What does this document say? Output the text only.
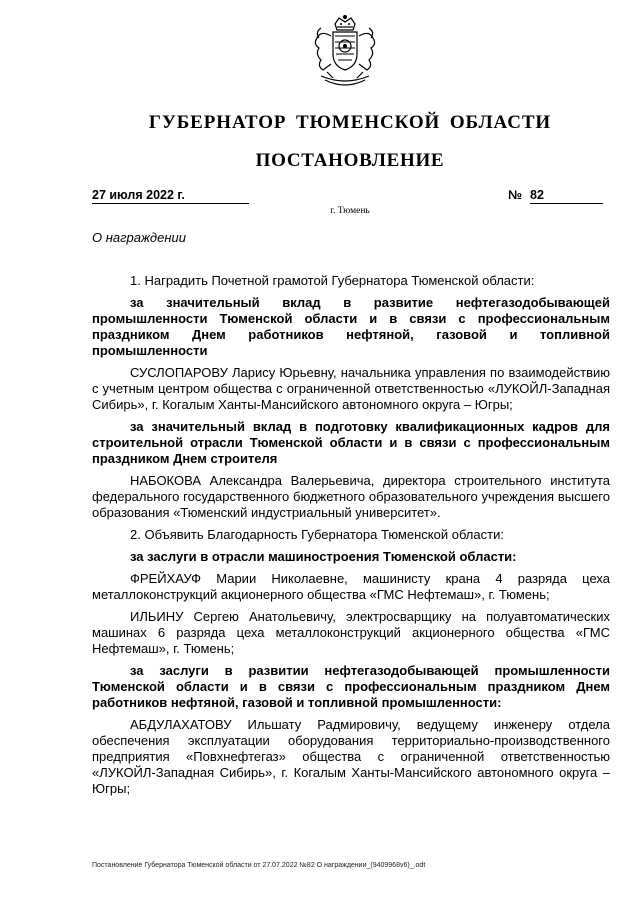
ГУБЕРНАТОР ТЮМЕНСКОЙ ОБЛАСТИ
ПОСТАНОВЛЕНИЕ
27 июля 2022 г.	№ 82
г. Тюмень
О награждении

1. Наградить Почетной грамотой Губернатора Тюменской области:

за значительный вклад в развитие нефтегазодобывающей промышленности Тюменской области и в связи с профессиональным праздником Днем работников нефтяной, газовой и топливной промышленности

СУСЛОПАРОВУ Ларису Юрьевну, начальника управления по взаимодействию с учетным центром общества с ограниченной ответственностью «ЛУКОЙЛ-Западная Сибирь», г. Когалым Ханты-Мансийского автономного округа – Югры;

за значительный вклад в подготовку квалификационных кадров для строительной отрасли Тюменской области и в связи с профессиональным праздником Днем строителя

НАБОКОВА Александра Валерьевича, директора строительного института федерального государственного бюджетного образовательного учреждения высшего образования «Тюменский индустриальный университет».

2. Объявить Благодарность Губернатора Тюменской области:

за заслуги в отрасли машиностроения Тюменской области:

ФРЕЙХАУФ Марии Николаевне, машинисту крана 4 разряда цеха металлоконструкций акционерного общества «ГМС Нефтемаш», г. Тюмень;

ИЛЬИНУ Сергею Анатольевичу, электросварщику на полуавтоматических машинах 6 разряда цеха металлоконструкций акционерного общества «ГМС Нефтемаш», г. Тюмень;

за заслуги в развитии нефтегазодобывающей промышленности Тюменской области и в связи с профессиональным праздником Днем работников нефтяной, газовой и топливной промышленности:

АБДУЛАХАТОВУ Ильшату Радмировичу, ведущему инженеру отдела обеспечения эксплуатации оборудования территориально-производственного предприятия «Повхнефтегаз» общества с ограниченной ответственностью «ЛУКОЙЛ-Западная Сибирь», г. Когалым Ханты-Мансийского автономного округа – Югры;

Постановление Губернатора Тюменской области от 27.07.2022 №82 О награждении_(9409968v6)_.odt
